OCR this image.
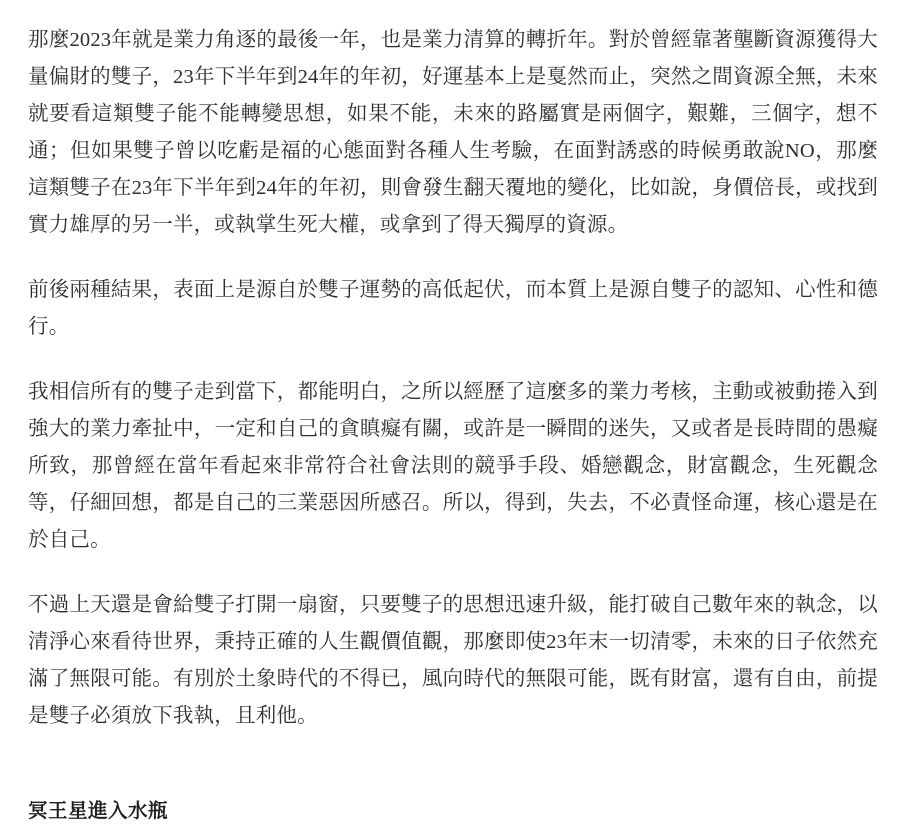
那麼2023年就是業力角逐的最後一年，也是業力清算的轉折年。對於曾經靠著壟斷資源獲得大量偏財的雙子，23年下半年到24年的年初，好運基本上是戛然而止，突然之間資源全無，未來就要看這類雙子能不能轉變思想，如果不能，未來的路屬實是兩個字，艱難，三個字，想不通；但如果雙子曾以吃虧是福的心態面對各種人生考驗，在面對誘惑的時候勇敢說NO，那麼這類雙子在23年下半年到24年的年初，則會發生翻天覆地的變化，比如說，身價倍長，或找到實力雄厚的另一半，或執掌生死大權，或拿到了得天獨厚的資源。

前後兩種結果，表面上是源自於雙子運勢的高低起伏，而本質上是源自雙子的認知、心性和德行。

我相信所有的雙子走到當下，都能明白，之所以經歷了這麼多的業力考核，主動或被動捲入到強大的業力牽扯中，一定和自己的貪瞋癡有關，或許是一瞬間的迷失，又或者是長時間的愚癡所致，那曾經在當年看起來非常符合社會法則的競爭手段、婚戀觀念，財富觀念，生死觀念等，仔細回想，都是自己的三業惡因所感召。所以，得到，失去，不必責怪命運，核心還是在於自己。

不過上天還是會給雙子打開一扇窗，只要雙子的思想迅速升級，能打破自己數年來的執念，以清淨心來看待世界，秉持正確的人生觀價值觀，那麼即使23年末一切清零，未來的日子依然充滿了無限可能。有別於土象時代的不得已，風向時代的無限可能，既有財富，還有自由，前提是雙子必須放下我執，且利他。

冥王星進入水瓶
